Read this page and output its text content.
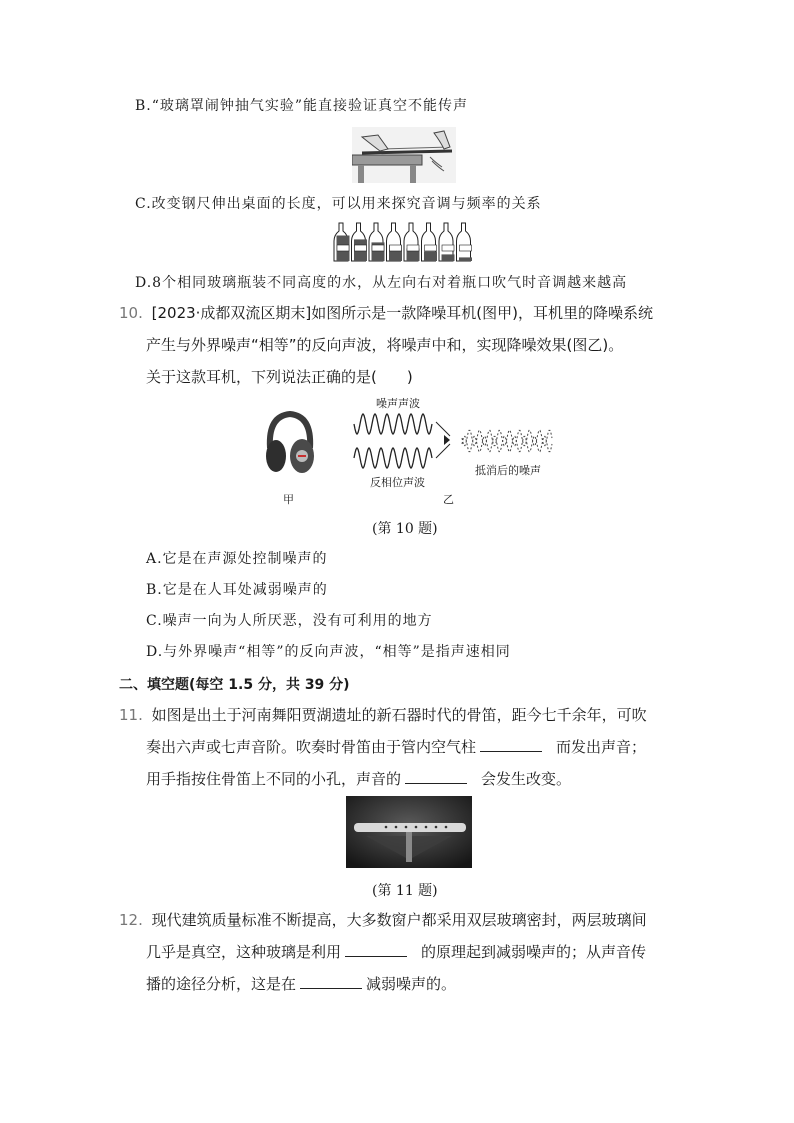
B.“玻璃罩闹钟抽气实验”能直接验证真空不能传声
C.改变钢尺伸出桌面的长度，可以用来探究音调与频率的关系
D.8个相同玻璃瓶装不同高度的水，从左向右对着瓶口吹气时音调越来越高
10. [2023·成都双流区期末]如图所示是一款降噪耳机(图甲)，耳机里的降噪系统
产生与外界噪声“相等”的反向声波，将噪声中和，实现降噪效果(图乙)。
关于这款耳机，下列说法正确的是(　　)
甲
噪声声波
反相位声波
抵消后的噪声
乙
(第 10 题)
A.它是在声源处控制噪声的
B.它是在人耳处减弱噪声的
C.噪声一向为人所厌恶，没有可利用的地方
D.与外界噪声“相等”的反向声波，“相等”是指声速相同
二、填空题(每空 1.5 分，共 39 分)
11. 如图是出土于河南舞阳贾湖遗址的新石器时代的骨笛，距今七千余年，可吹
奏出六声或七声音阶。吹奏时骨笛由于管内空气柱	而发出声音；
用手指按住骨笛上不同的小孔，声音的	会发生改变。
(第 11 题)
12. 现代建筑质量标准不断提高，大多数窗户都采用双层玻璃密封，两层玻璃间
几乎是真空，这种玻璃是利用	的原理起到减弱噪声的；从声音传
播的途径分析，这是在	减弱噪声的。
